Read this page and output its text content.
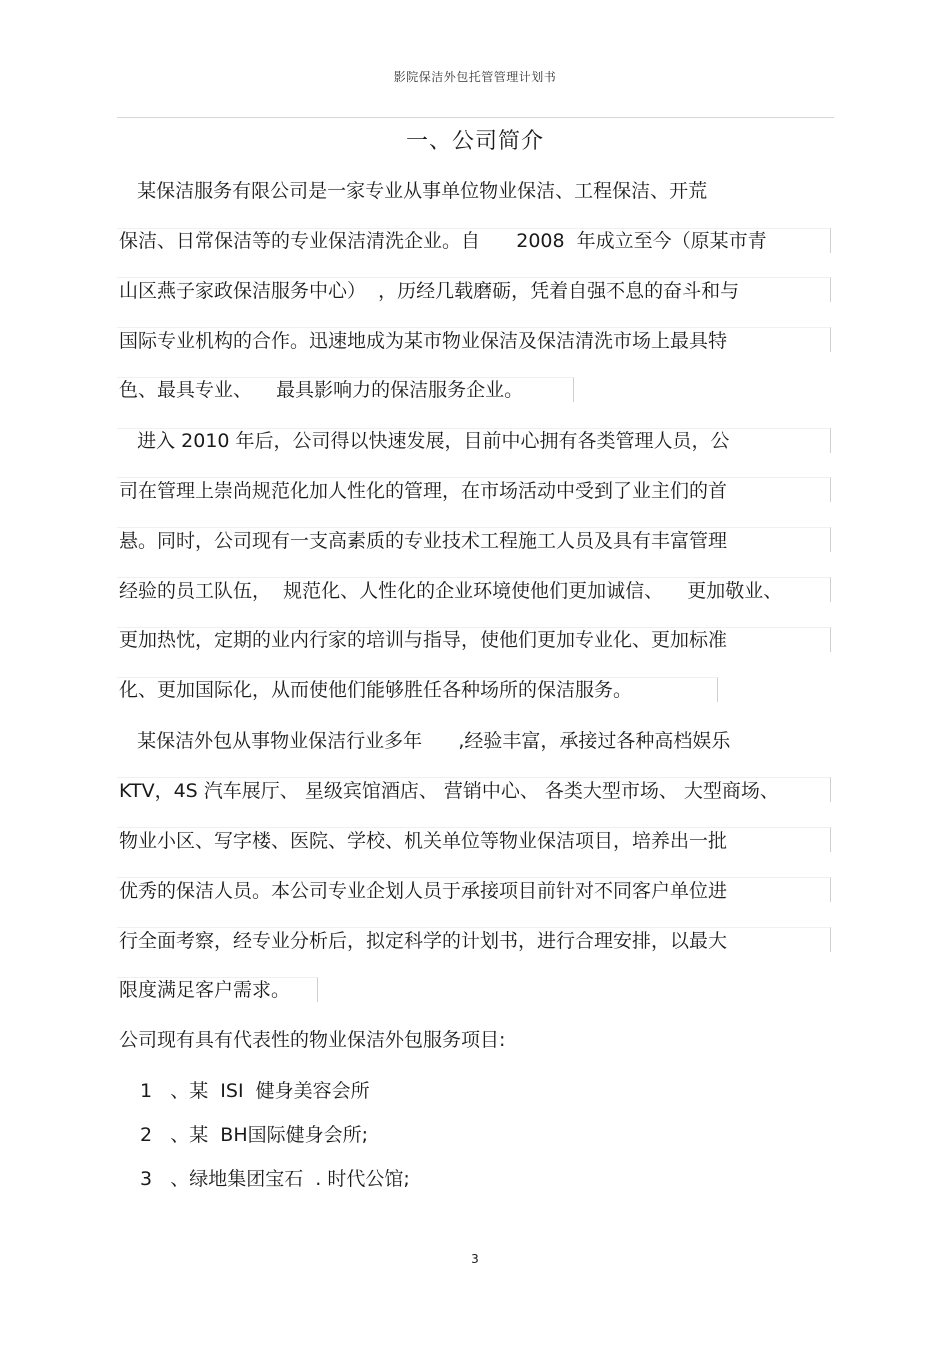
影院保洁外包托管管理计划书
一、公司简介
某保洁服务有限公司是一家专业从事单位物业保洁、工程保洁、开荒
保洁、日常保洁等的专业保洁清洗企业。自      2008  年成立至今（原某市青
山区燕子家政保洁服务中心）  ，历经几载磨砺，凭着自强不息的奋斗和与
国际专业机构的合作。迅速地成为某市物业保洁及保洁清洗市场上最具特
色、最具专业、    最具影响力的保洁服务企业。
进入 2010 年后，公司得以快速发展，目前中心拥有各类管理人员，公
司在管理上崇尚规范化加人性化的管理，在市场活动中受到了业主们的首
悬。同时，公司现有一支高素质的专业技术工程施工人员及具有丰富管理
经验的员工队伍，  规范化、人性化的企业环境使他们更加诚信、    更加敬业、
更加热忱，定期的业内行家的培训与指导，使他们更加专业化、更加标准
化、更加国际化，从而使他们能够胜任各种场所的保洁服务。
某保洁外包从事物业保洁行业多年      ,经验丰富，承接过各种高档娱乐
KTV，4S 汽车展厅、 星级宾馆酒店、 营销中心、 各类大型市场、 大型商场、
物业小区、写字楼、医院、学校、机关单位等物业保洁项目，培养出一批
优秀的保洁人员。本公司专业企划人员于承接项目前针对不同客户单位进
行全面考察，经专业分析后，拟定科学的计划书，进行合理安排，以最大
限度满足客户需求。
公司现有具有代表性的物业保洁外包服务项目:
1   、某  ISI  健身美容会所
2   、某  BH国际健身会所;
3   、绿地集团宝石  . 时代公馆;
3
